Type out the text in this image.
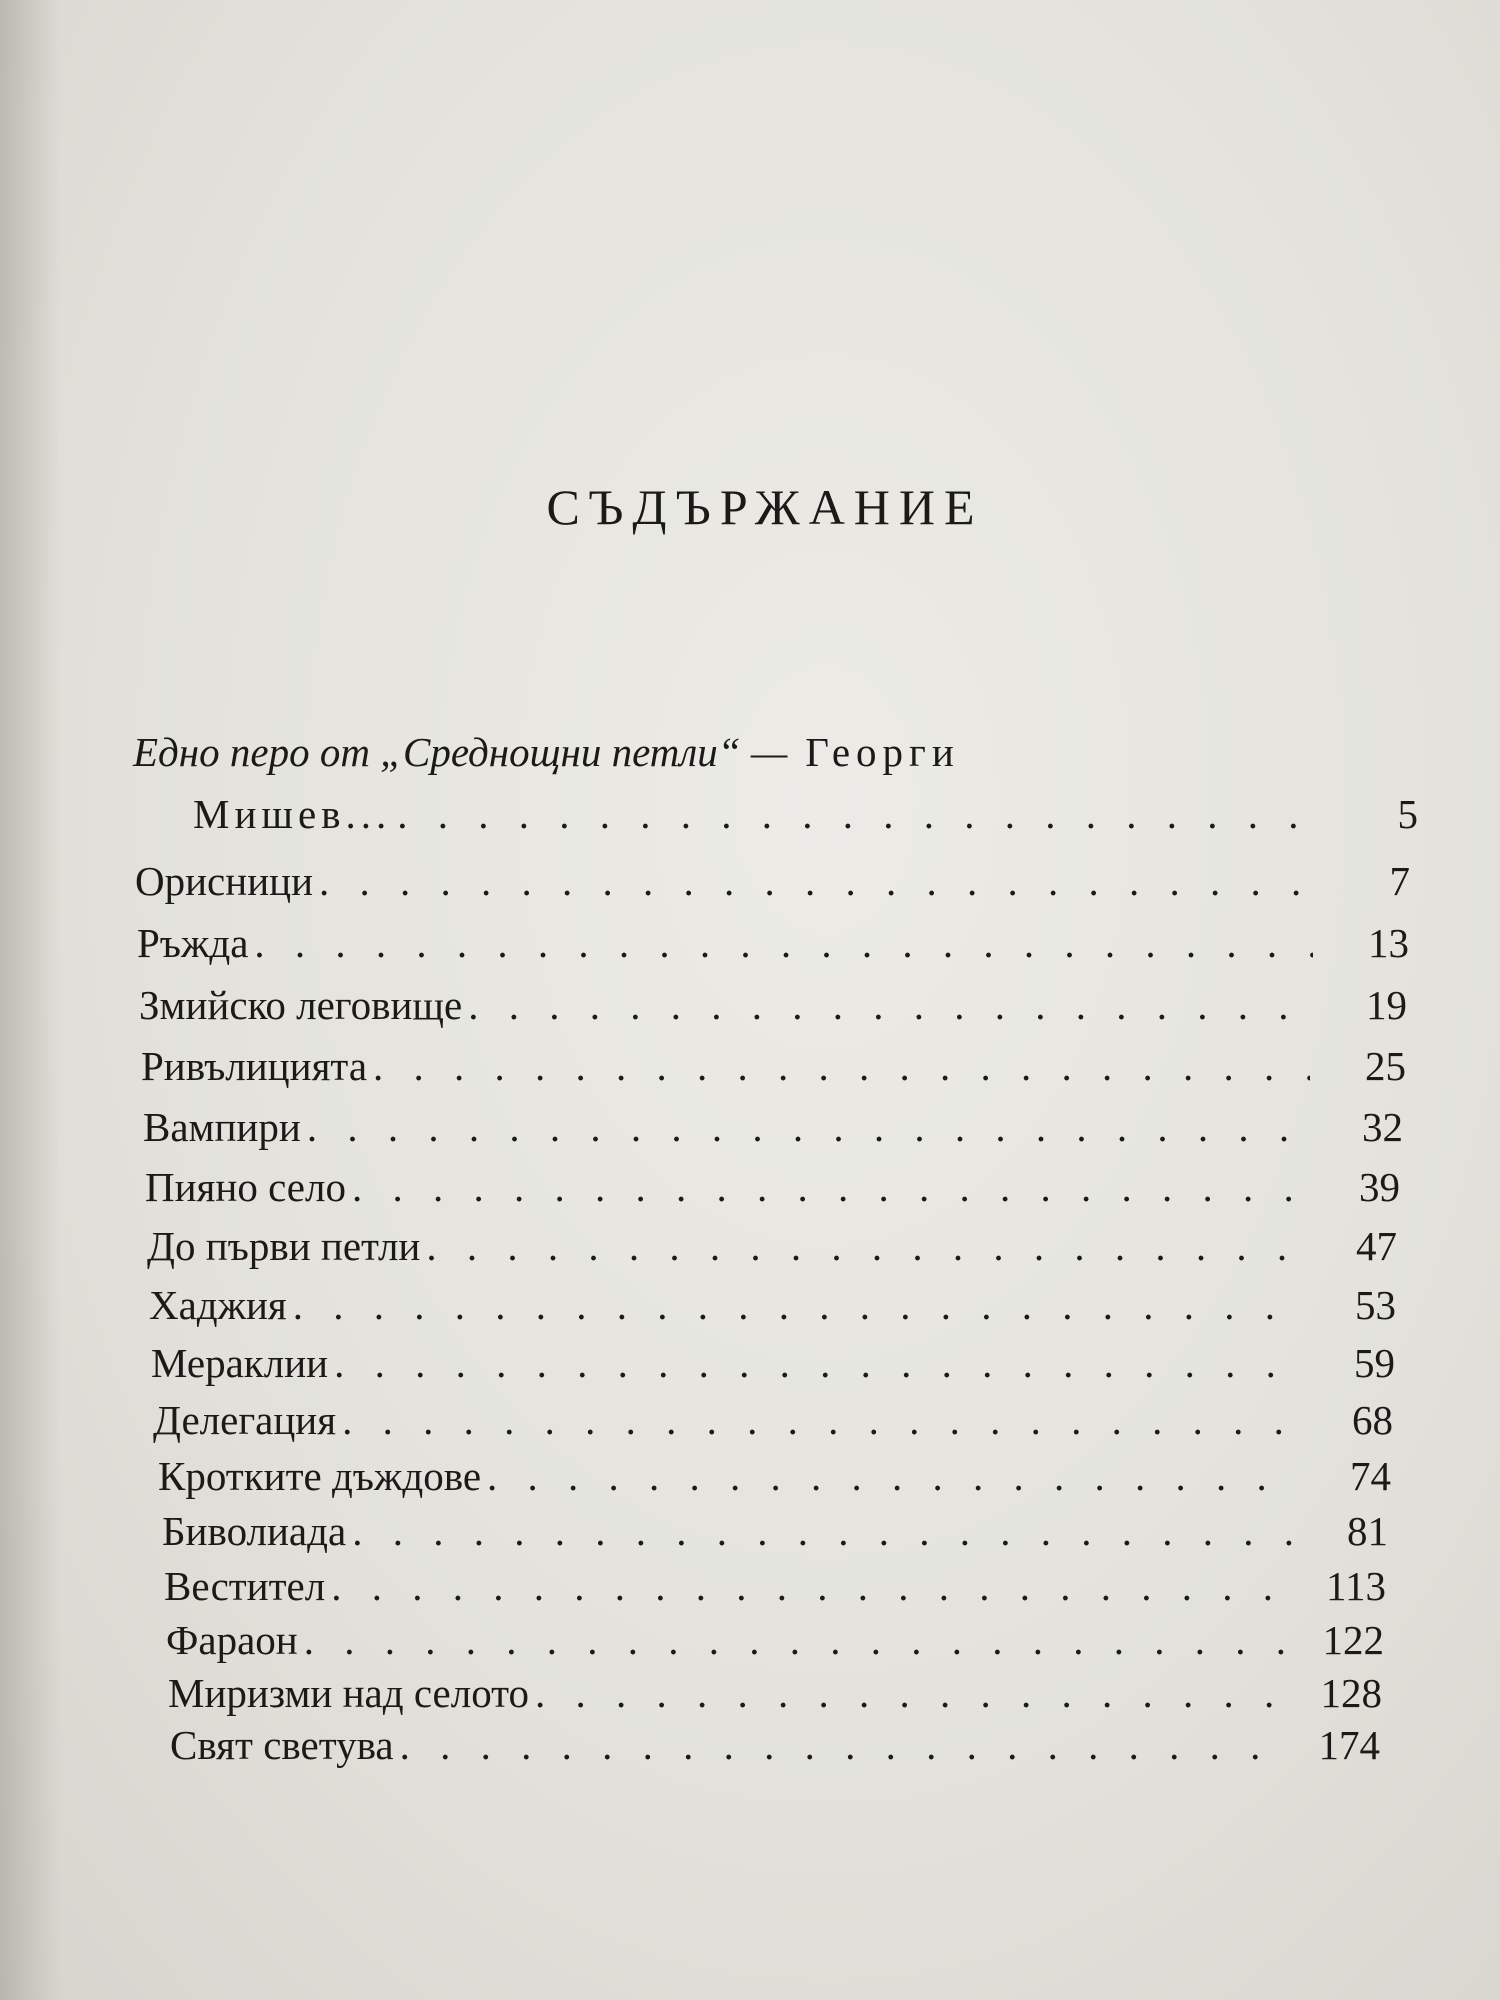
СЪДЪРЖАНИЕ
Едно перо от „Среднощни петли“ — Георги
Мишев... . . .	5
Орисници . . .	7
Ръжда . . .	13
Змийско леговище . . .	19
Ривълицията . . .	25
Вампири . . .	32
Пияно село . . .	39
До първи петли . . .	47
Хаджия . . .	53
Мераклии . . .	59
Делегация . . .	68
Кротките дъждове . . .	74
Биволиада . . .	81
Вестител . . .	113
Фараон . . .	122
Миризми над селото . . .	128
Свят светува . . .	174
